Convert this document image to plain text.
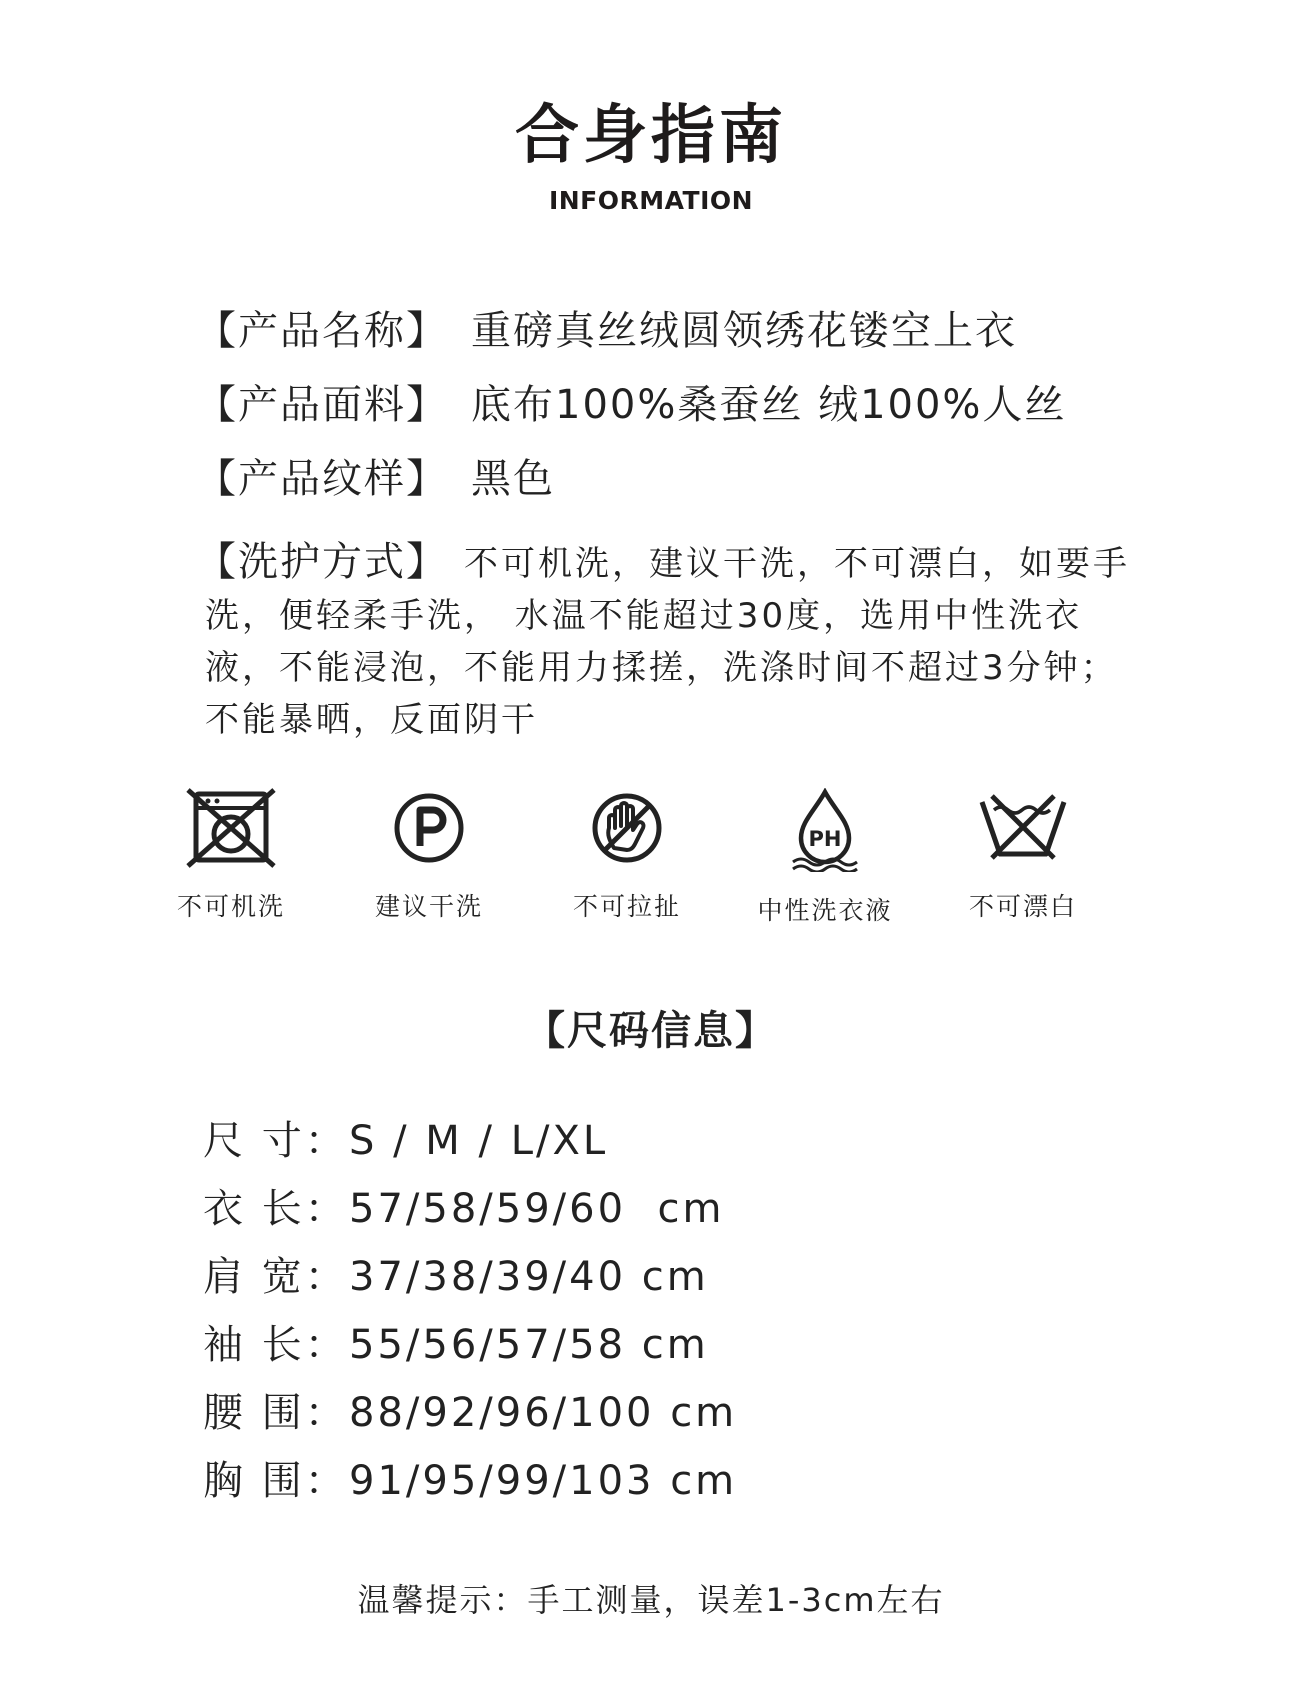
合身指南
INFORMATION
【产品名称】 重磅真丝绒圆领绣花镂空上衣
【产品面料】 底布100%桑蚕丝 绒100%人丝
【产品纹样】 黑色
【洗护方式】 不可机洗，建议干洗，不可漂白，如要手洗，便轻柔手洗， 水温不能超过30度，选用中性洗衣液，不能浸泡，不能用力揉搓，洗涤时间不超过3分钟；不能暴晒，反面阴干
不可机洗	建议干洗	不可拉扯
PH
中性洗衣液	不可漂白
【尺码信息】
尺 寸：S / M / L/XL
衣 长：57/58/59/60  cm
肩 宽：37/38/39/40 cm
袖 长：55/56/57/58 cm
腰 围：88/92/96/100 cm
胸 围：91/95/99/103 cm
温馨提示：手工测量，误差1-3cm左右
